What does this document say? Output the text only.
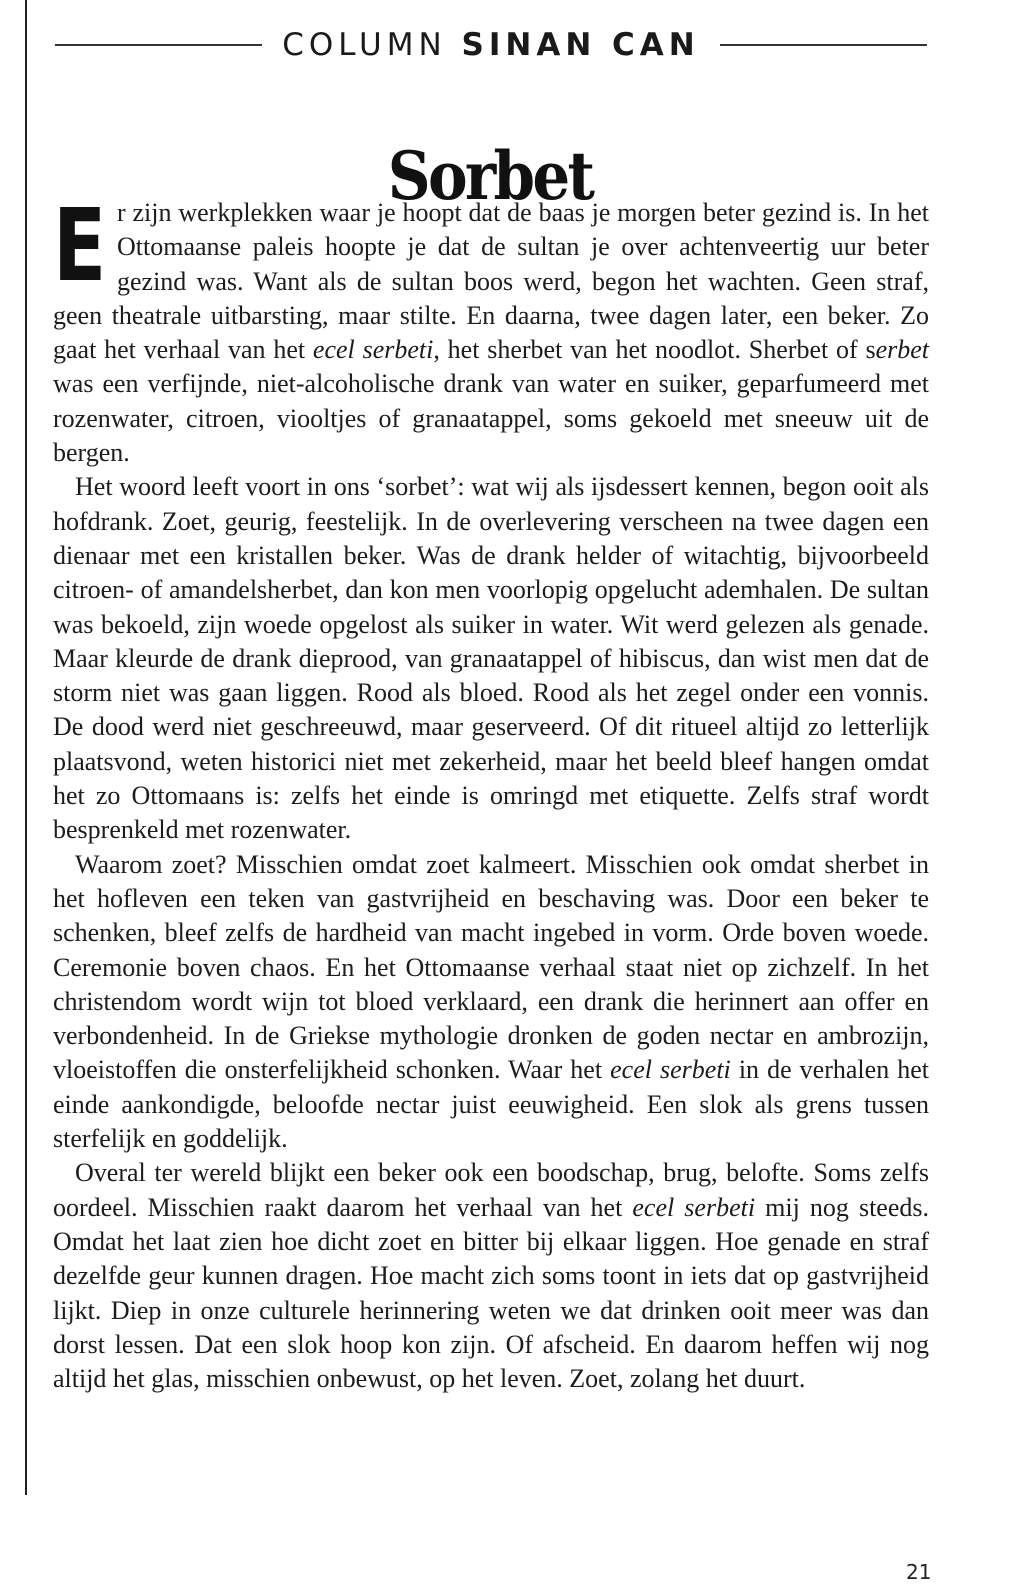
COLUMN SINAN CAN
Sorbet

Er zijn werkplekken waar je hoopt dat de baas je morgen beter gezind is. In het Ottomaanse paleis hoopte je dat de sultan je over achtenveertig uur beter gezind was. Want als de sultan boos werd, begon het wachten. Geen straf, geen theatrale uitbarsting, maar stilte. En daarna, twee dagen later, een beker. Zo gaat het verhaal van het ecel serbeti, het sherbet van het noodlot. Sherbet of serbet was een verfijnde, niet-alcoholische drank van water en suiker, geparfumeerd met rozenwater, citroen, viooltjes of granaatappel, soms gekoeld met sneeuw uit de bergen.

Het woord leeft voort in ons ‘sorbet’: wat wij als ijsdessert kennen, begon ooit als hofdrank. Zoet, geurig, feestelijk. In de overlevering verscheen na twee dagen een dienaar met een kristallen beker. Was de drank helder of witachtig, bijvoorbeeld citroen- of amandelsherbet, dan kon men voorlopig opgelucht ademhalen. De sultan was bekoeld, zijn woede opgelost als suiker in water. Wit werd gelezen als genade. Maar kleurde de drank dieprood, van granaatappel of hibiscus, dan wist men dat de storm niet was gaan liggen. Rood als bloed. Rood als het zegel onder een vonnis. De dood werd niet geschreeuwd, maar geserveerd. Of dit ritueel altijd zo letterlijk plaatsvond, weten historici niet met zekerheid, maar het beeld bleef hangen omdat het zo Ottomaans is: zelfs het einde is omringd met etiquette. Zelfs straf wordt besprenkeld met rozenwater.

Waarom zoet? Misschien omdat zoet kalmeert. Misschien ook omdat sherbet in het hofleven een teken van gastvrijheid en beschaving was. Door een beker te schenken, bleef zelfs de hardheid van macht ingebed in vorm. Orde boven woede. Ceremonie boven chaos. En het Ottomaanse verhaal staat niet op zichzelf. In het christendom wordt wijn tot bloed verklaard, een drank die herinnert aan offer en verbondenheid. In de Griekse mythologie dronken de goden nectar en ambrozijn, vloeistoffen die onsterfelijkheid schonken. Waar het ecel serbeti in de verhalen het einde aankondigde, beloofde nectar juist eeuwigheid. Een slok als grens tussen sterfelijk en goddelijk.

Overal ter wereld blijkt een beker ook een boodschap, brug, belofte. Soms zelfs oordeel. Misschien raakt daarom het verhaal van het ecel serbeti mij nog steeds. Omdat het laat zien hoe dicht zoet en bitter bij elkaar liggen. Hoe genade en straf dezelfde geur kunnen dragen. Hoe macht zich soms toont in iets dat op gastvrijheid lijkt. Diep in onze culturele herinnering weten we dat drinken ooit meer was dan dorst lessen. Dat een slok hoop kon zijn. Of afscheid. En daarom heffen wij nog altijd het glas, misschien onbewust, op het leven. Zoet, zolang het duurt.

21
